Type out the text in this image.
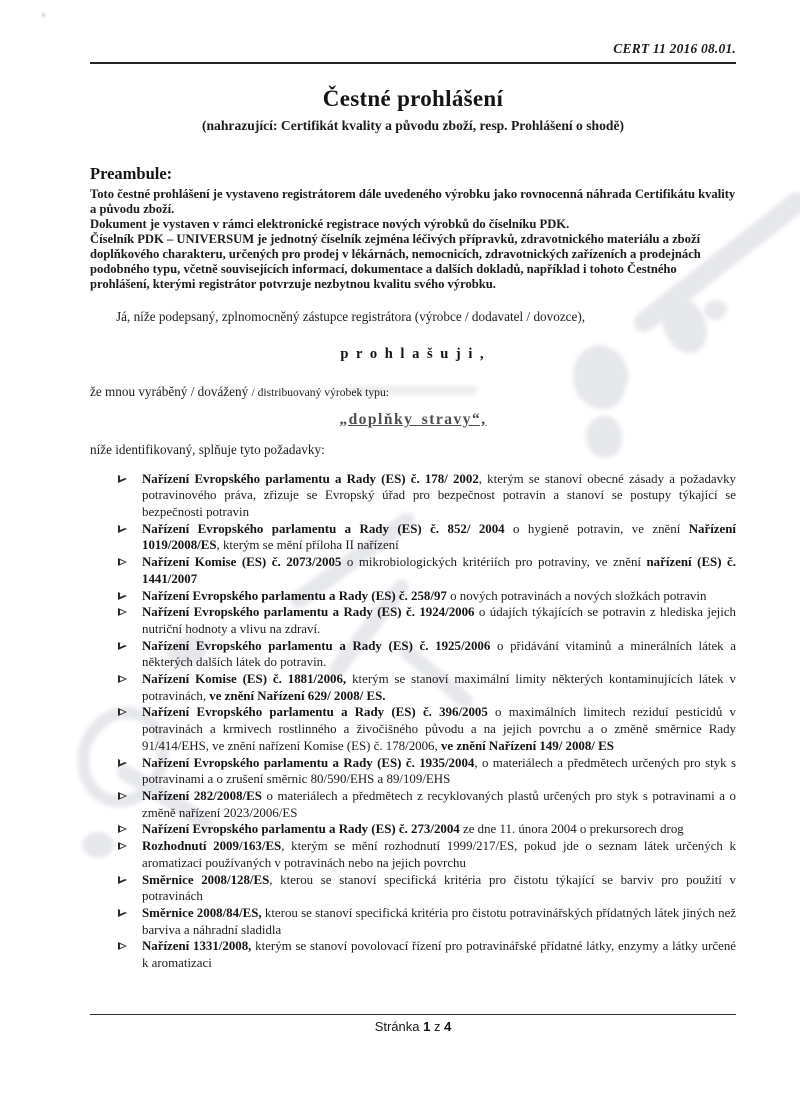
CERT 11 2016 08.01.
Čestné prohlášení
(nahrazující: Certifikát kvality a původu zboží, resp. Prohlášení o shodě)
Preambule:

Toto čestné prohlášení je vystaveno registrátorem dále uvedeného výrobku jako rovnocenná náhrada Certifikátu kvality a původu zboží.

Dokument je vystaven v rámci elektronické registrace nových výrobků do číselníku PDK.

Číselník PDK – UNIVERSUM je jednotný číselník zejména léčivých přípravků, zdravotnického materiálu a zboží doplňkového charakteru, určených pro prodej v lékárnách, nemocnicích, zdravotnických zařízeních a prodejnách podobného typu, včetně souvisejících informací, dokumentace a dalších dokladů, například i tohoto Čestného prohlášení, kterými registrátor potvrzuje nezbytnou kvalitu svého výrobku.

Já, níže podepsaný, zplnomocněný zástupce registrátora (výrobce / dodavatel / dovozce),
p r o h l a š u j i ,
že mnou vyráběný / dovážený / distribuovaný výrobek typu:
„doplňky stravy“,
níže identifikovaný, splňuje tyto požadavky:
Nařízení Evropského parlamentu a Rady (ES) č. 178/ 2002, kterým se stanoví obecné zásady a požadavky potravinového práva, zřizuje se Evropský úřad pro bezpečnost potravin a stanoví se postupy týkající se bezpečnosti potravin
Nařízení Evropského parlamentu a Rady (ES) č. 852/ 2004 o hygieně potravin, ve znění Nařízení 1019/2008/ES, kterým se mění příloha II nařízení
Nařízení Komise (ES) č. 2073/2005 o mikrobiologických kritériích pro potraviny, ve znění nařízení (ES) č. 1441/2007
Nařízení Evropského parlamentu a Rady (ES) č. 258/97 o nových potravinách a nových složkách potravin
Nařízení Evropského parlamentu a Rady (ES) č. 1924/2006 o údajích týkajících se potravin z hlediska jejich nutriční hodnoty a vlivu na zdraví.
Nařízení Evropského parlamentu a Rady (ES) č. 1925/2006 o přidávání vitaminů a minerálních látek a některých dalších látek do potravin.
Nařízení Komise (ES) č. 1881/2006, kterým se stanoví maximální limity některých kontaminujících látek v potravinách, ve znění Nařízení 629/ 2008/ ES.
Nařízení Evropského parlamentu a Rady (ES) č. 396/2005 o maximálních limitech reziduí pesticidů v potravinách a krmivech rostlinného a živočišného původu a na jejich povrchu a o změně směrnice Rady 91/414/EHS, ve znění nařízení Komise (ES) č. 178/2006, ve znění Nařízení 149/ 2008/ ES
Nařízení Evropského parlamentu a Rady (ES) č. 1935/2004, o materiálech a předmětech určených pro styk s potravinami a o zrušení směrnic 80/590/EHS a 89/109/EHS
Nařízení 282/2008/ES o materiálech a předmětech z recyklovaných plastů určených pro styk s potravinami a o změně nařízení 2023/2006/ES
Nařízení Evropského parlamentu a Rady (ES) č. 273/2004 ze dne 11. února 2004 o prekursorech drog
Rozhodnutí 2009/163/ES, kterým se mění rozhodnutí 1999/217/ES, pokud jde o seznam látek určených k aromatizaci používaných v potravinách nebo na jejich povrchu
Směrnice 2008/128/ES, kterou se stanoví specifická kritéria pro čistotu týkající se barviv pro použití v potravinách
Směrnice 2008/84/ES, kterou se stanoví specifická kritéria pro čistotu potravinářských přídatných látek jiných než barviva a náhradní sladidla
Nařízení 1331/2008, kterým se stanoví povolovací řízení pro potravinářské přídatné látky, enzymy a látky určené k aromatizaci
Stránka 1 z 4
